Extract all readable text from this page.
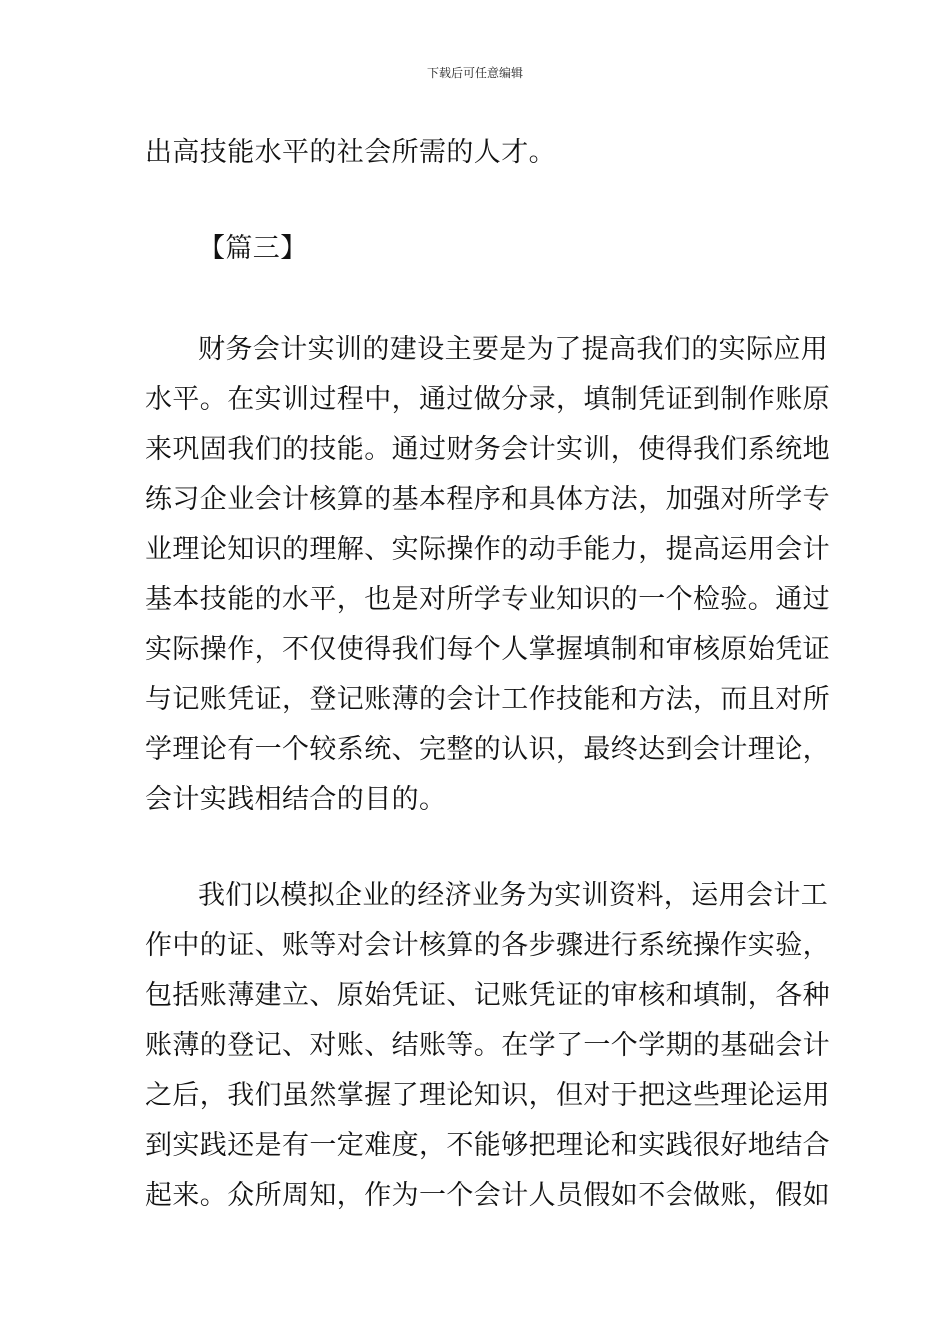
下载后可任意编辑
出高技能水平的社会所需的人才。
【篇三】
财务会计实训的建设主要是为了提高我们的实际应用
水平。在实训过程中，通过做分录，填制凭证到制作账原
来巩固我们的技能。通过财务会计实训，使得我们系统地
练习企业会计核算的基本程序和具体方法，加强对所学专
业理论知识的理解、实际操作的动手能力，提高运用会计
基本技能的水平，也是对所学专业知识的一个检验。通过
实际操作，不仅使得我们每个人掌握填制和审核原始凭证
与记账凭证，登记账薄的会计工作技能和方法，而且对所
学理论有一个较系统、完整的认识，最终达到会计理论，
会计实践相结合的目的。
我们以模拟企业的经济业务为实训资料，运用会计工
作中的证、账等对会计核算的各步骤进行系统操作实验，
包括账薄建立、原始凭证、记账凭证的审核和填制，各种
账薄的登记、对账、结账等。在学了一个学期的基础会计
之后，我们虽然掌握了理论知识，但对于把这些理论运用
到实践还是有一定难度，不能够把理论和实践很好地结合
起来。众所周知，作为一个会计人员假如不会做账，假如
